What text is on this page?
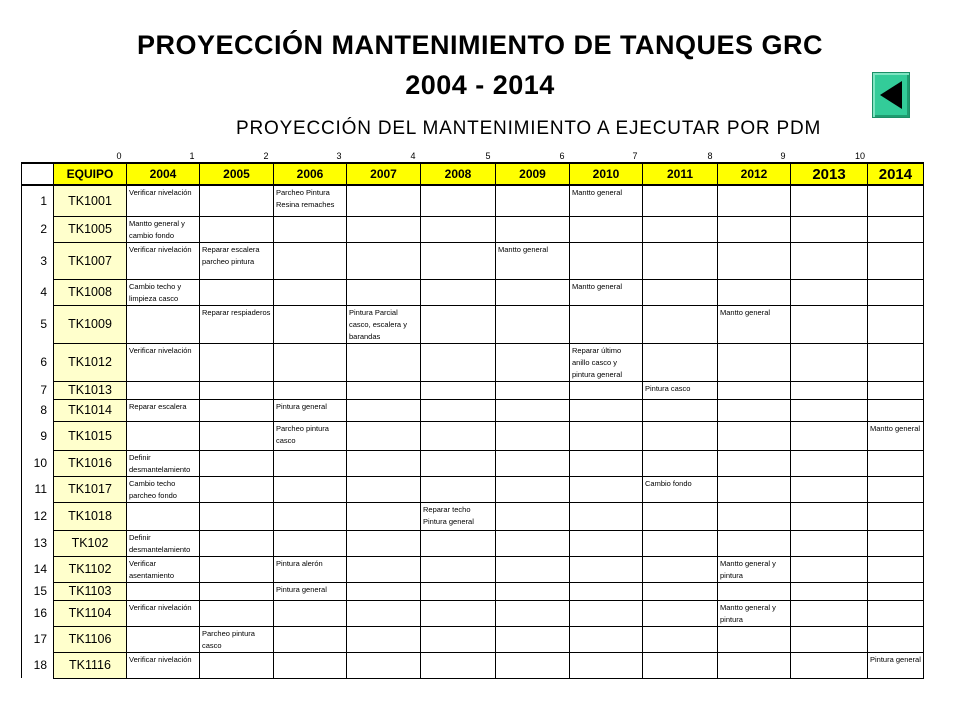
PROYECCIÓN MANTENIMIENTO DE TANQUES GRC
2004 - 2014
PROYECCIÓN DEL MANTENIMIENTO A EJECUTAR POR PDM
0	1	2	3	4	5	6	7	8	9	10
	EQUIPO	2004	2005	2006	2007	2008	2009	2010	2011	2012	2013	2014
1	TK1001	Verificar nivelación		Parcheo Pintura Resina remaches				Mantto general				

2	TK1005	Mantto general y cambio fondo										

3	TK1007	Verificar nivelación	Reparar escalera parcheo pintura				Mantto general					

4	TK1008	Cambio techo y limpieza casco						Mantto general				

5	TK1009		Reparar respiaderos		Pintura Parcial casco, escalera y barandas					Mantto general		

6	TK1012	Verificar nivelación						Reparar último anillo casco y pintura general				

7	TK1013								Pintura casco			

8	TK1014	Reparar escalera		Pintura general								

9	TK1015			Parcheo pintura casco								Mantto general

10	TK1016	Definir desmantelamiento										

11	TK1017	Cambio techo parcheo fondo							Cambio fondo			

12	TK1018					Reparar techo Pintura general						

13	TK102	Definir desmantelamiento										

14	TK1102	Verificar asentamiento		Pintura alerón						Mantto general y pintura		

15	TK1103			Pintura general								

16	TK1104	Verificar nivelación								Mantto general y pintura		

17	TK1106		Parcheo pintura casco									

18	TK1116	Verificar nivelación										Pintura general
